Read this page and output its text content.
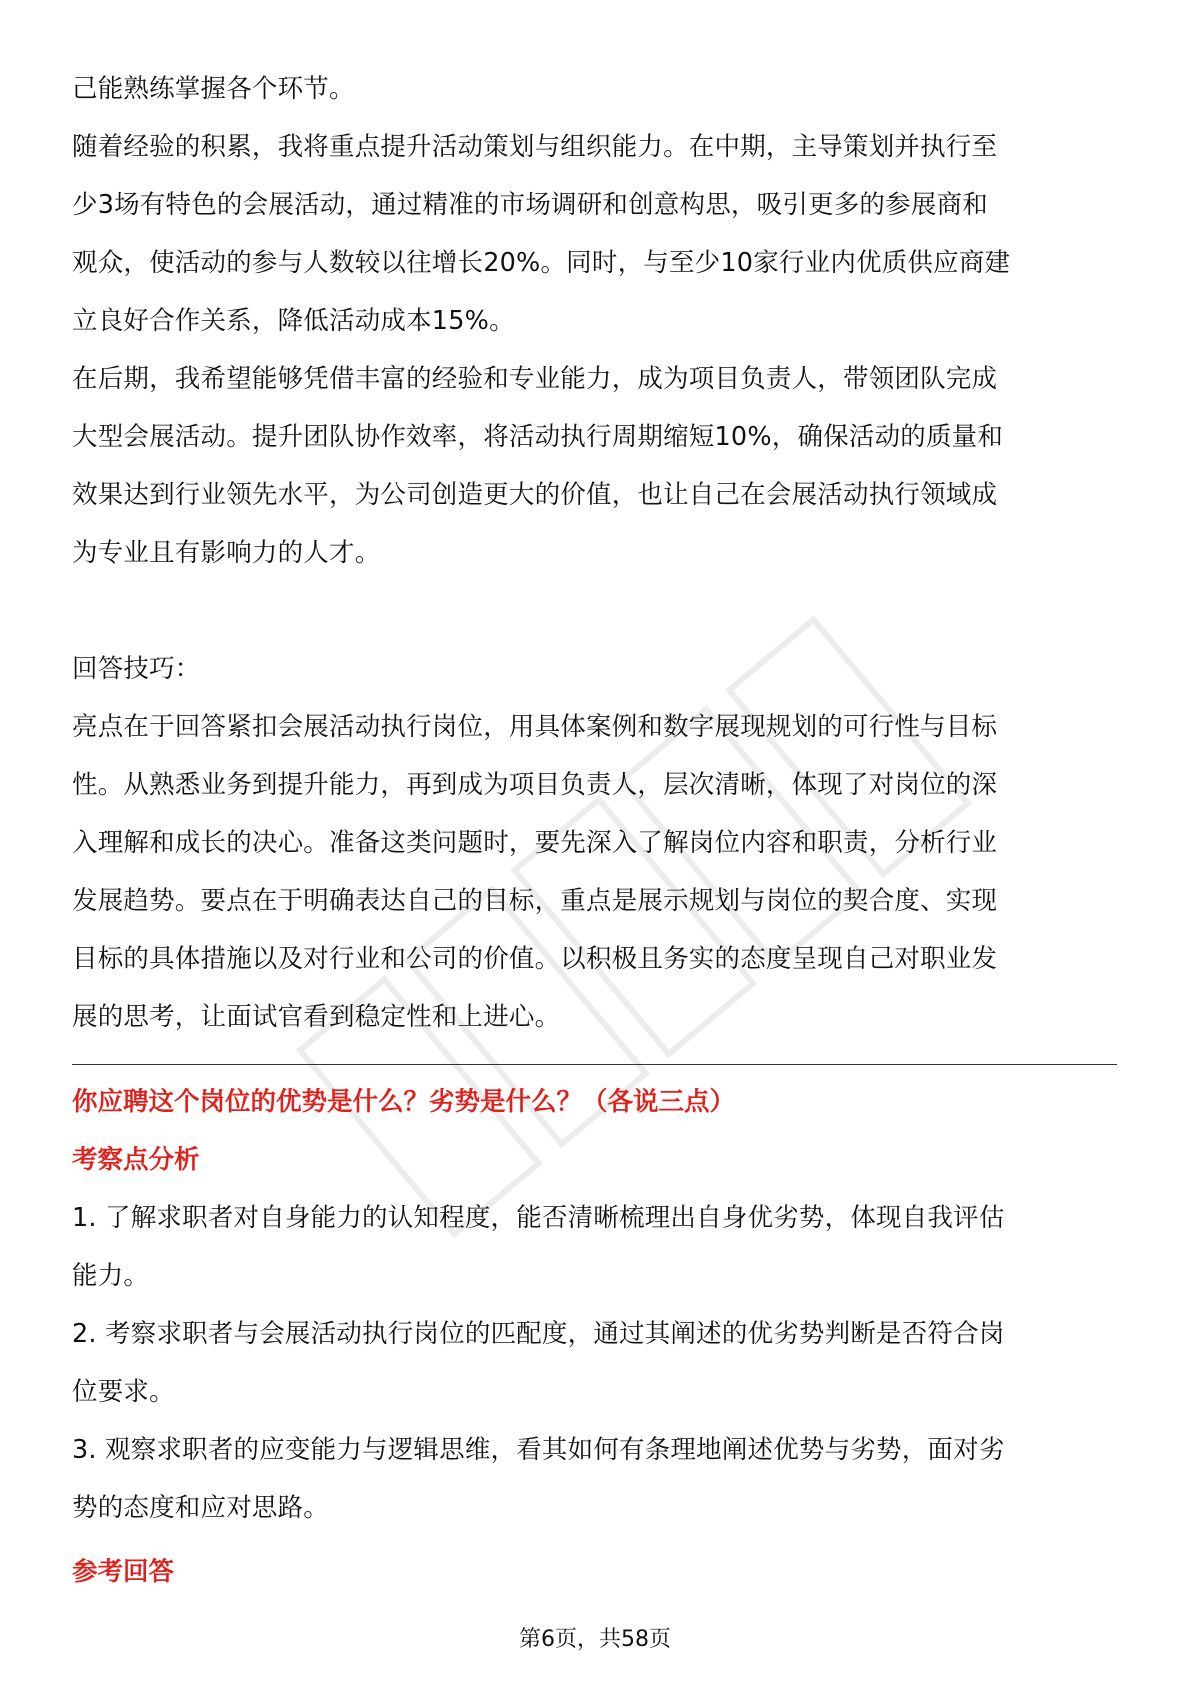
己能熟练掌握各个环节。
随着经验的积累，我将重点提升活动策划与组织能力。在中期，主导策划并执行至
少3场有特色的会展活动，通过精准的市场调研和创意构思，吸引更多的参展商和
观众，使活动的参与人数较以往增长20%。同时，与至少10家行业内优质供应商建
立良好合作关系，降低活动成本15%。
在后期，我希望能够凭借丰富的经验和专业能力，成为项目负责人，带领团队完成
大型会展活动。提升团队协作效率，将活动执行周期缩短10%，确保活动的质量和
效果达到行业领先水平，为公司创造更大的价值，也让自己在会展活动执行领域成
为专业且有影响力的人才。
回答技巧：
亮点在于回答紧扣会展活动执行岗位，用具体案例和数字展现规划的可行性与目标
性。从熟悉业务到提升能力，再到成为项目负责人，层次清晰，体现了对岗位的深
入理解和成长的决心。准备这类问题时，要先深入了解岗位内容和职责，分析行业
发展趋势。要点在于明确表达自己的目标，重点是展示规划与岗位的契合度、实现
目标的具体措施以及对行业和公司的价值。以积极且务实的态度呈现自己对职业发
展的思考，让面试官看到稳定性和上进心。
你应聘这个岗位的优势是什么？劣势是什么？（各说三点）
考察点分析
1. 了解求职者对自身能力的认知程度，能否清晰梳理出自身优劣势，体现自我评估
能力。
2. 考察求职者与会展活动执行岗位的匹配度，通过其阐述的优劣势判断是否符合岗
位要求。
3. 观察求职者的应变能力与逻辑思维，看其如何有条理地阐述优势与劣势，面对劣
势的态度和应对思路。
参考回答
第6页，共58页
